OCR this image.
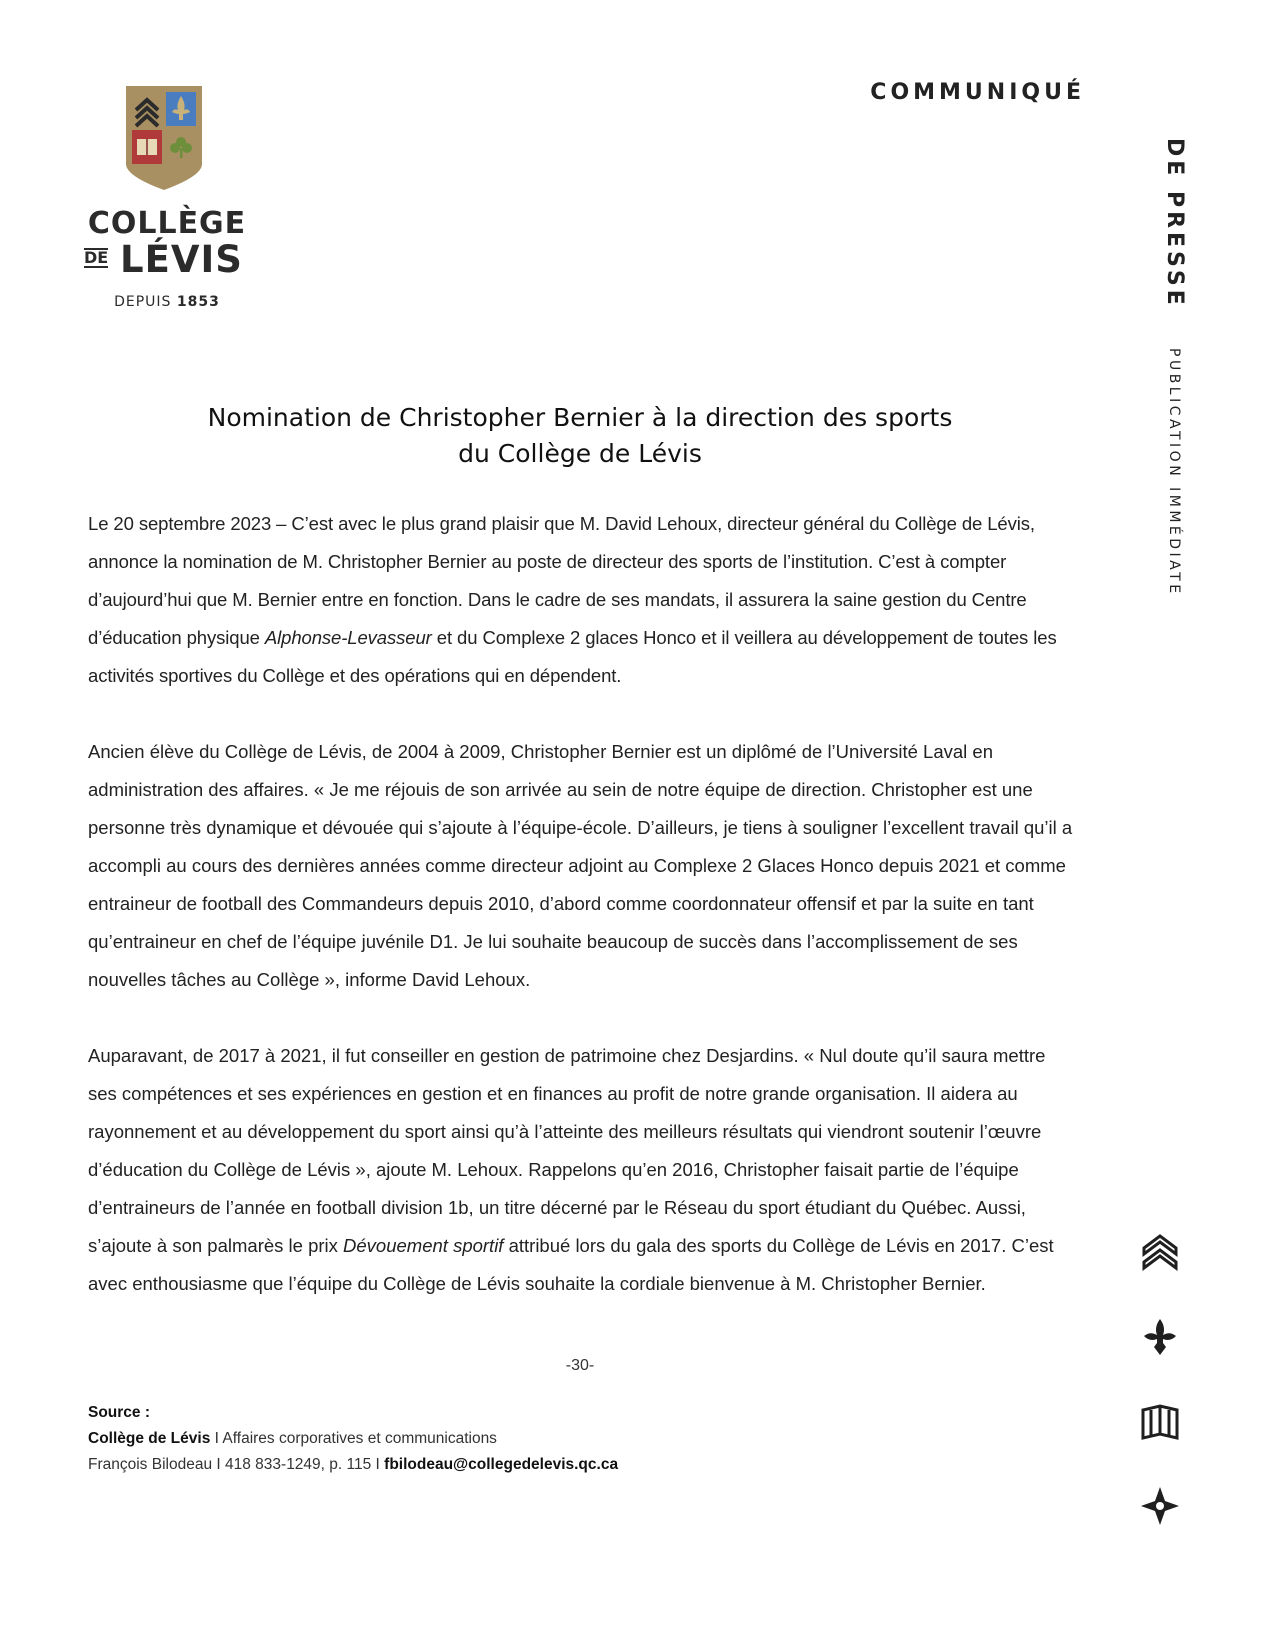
COLLÈGE
DE LÉVIS
DEPUIS 1853
COMMUNIQUÉ
DE PRESSE
PUBLICATION IMMÉDIATE
Nomination de Christopher Bernier à la direction des sports
du Collège de Lévis

Le 20 septembre 2023 – C’est avec le plus grand plaisir que M. David Lehoux, directeur général du Collège de Lévis, annonce la nomination de M. Christopher Bernier au poste de directeur des sports de l’institution. C’est à compter d’aujourd’hui que M. Bernier entre en fonction. Dans le cadre de ses mandats, il assurera la saine gestion du Centre d’éducation physique Alphonse-Levasseur et du Complexe 2 glaces Honco et il veillera au développement de toutes les activités sportives du Collège et des opérations qui en dépendent.

Ancien élève du Collège de Lévis, de 2004 à 2009, Christopher Bernier est un diplômé de l’Université Laval en administration des affaires. « Je me réjouis de son arrivée au sein de notre équipe de direction. Christopher est une personne très dynamique et dévouée qui s’ajoute à l’équipe-école. D’ailleurs, je tiens à souligner l’excellent travail qu’il a accompli au cours des dernières années comme directeur adjoint au Complexe 2 Glaces Honco depuis 2021 et comme entraineur de football des Commandeurs depuis 2010, d’abord comme coordonnateur offensif et par la suite en tant qu’entraineur en chef de l’équipe juvénile D1. Je lui souhaite beaucoup de succès dans l’accomplissement de ses nouvelles tâches au Collège », informe David Lehoux.

Auparavant, de 2017 à 2021, il fut conseiller en gestion de patrimoine chez Desjardins. « Nul doute qu’il saura mettre ses compétences et ses expériences en gestion et en finances au profit de notre grande organisation. Il aidera au rayonnement et au développement du sport ainsi qu’à l’atteinte des meilleurs résultats qui viendront soutenir l’œuvre d’éducation du Collège de Lévis », ajoute M. Lehoux. Rappelons qu’en 2016, Christopher faisait partie de l’équipe d’entraineurs de l’année en football division 1b, un titre décerné par le Réseau du sport étudiant du Québec. Aussi, s’ajoute à son palmarès le prix Dévouement sportif attribué lors du gala des sports du Collège de Lévis en 2017. C’est avec enthousiasme que l’équipe du Collège de Lévis souhaite la cordiale bienvenue à M. Christopher Bernier.

-30-
Source :
Collège de Lévis I Affaires corporatives et communications
François Bilodeau I 418 833-1249, p. 115 I fbilodeau@collegedelevis.qc.ca
